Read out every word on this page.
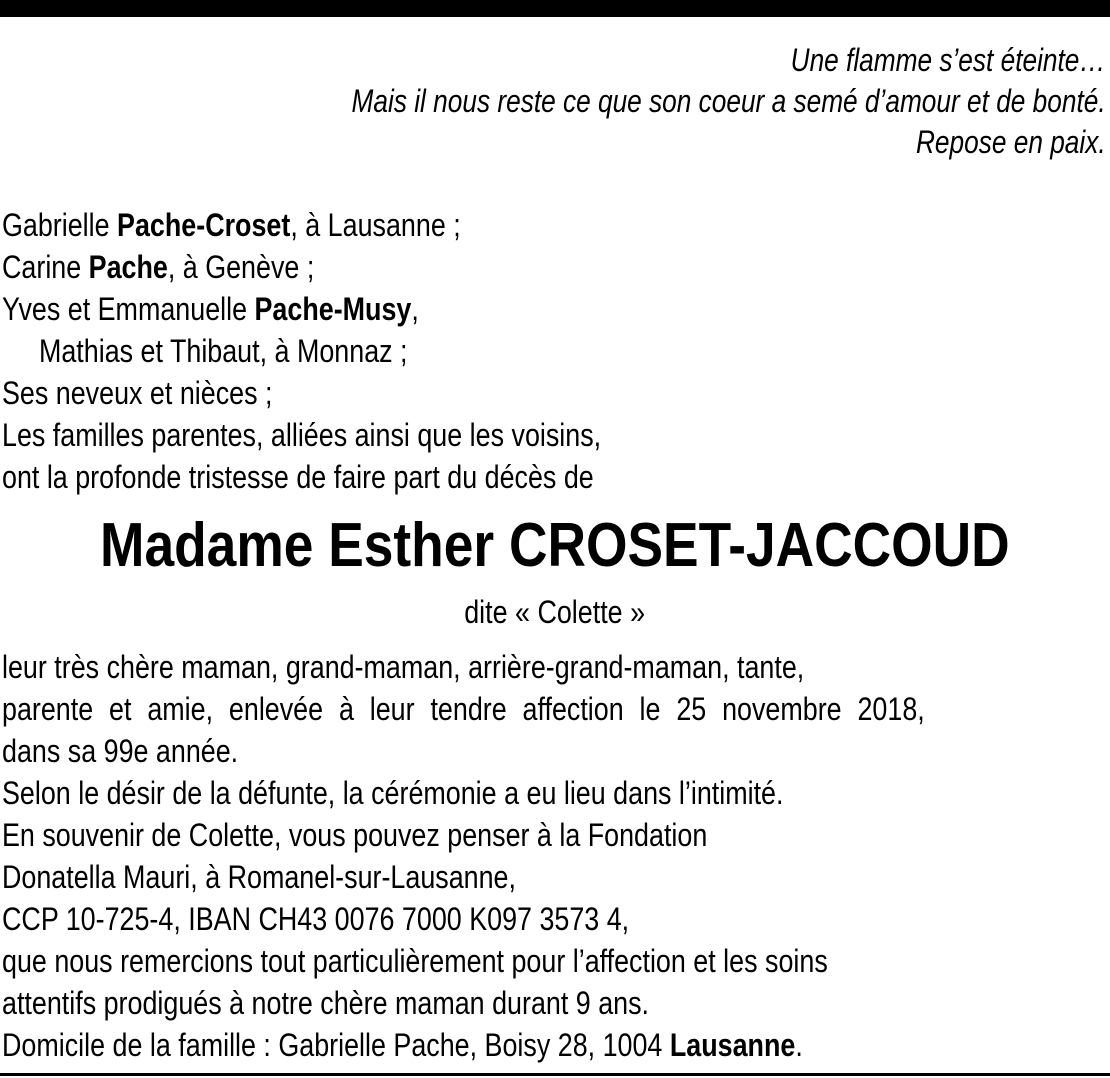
Une flamme s’est éteinte…
Mais il nous reste ce que son coeur a semé d’amour et de bonté.
Repose en paix.
Gabrielle Pache-Croset, à Lausanne ;
Carine Pache, à Genève ;
Yves et Emmanuelle Pache-Musy,
Mathias et Thibaut, à Monnaz ;
Ses neveux et nièces ;
Les familles parentes, alliées ainsi que les voisins,
ont la profonde tristesse de faire part du décès de
Madame Esther CROSET-JACCOUD
dite « Colette »
leur très chère maman, grand-maman, arrière-grand-maman, tante,
parente et amie, enlevée à leur tendre affection le 25 novembre 2018,
dans sa 99e année.
Selon le désir de la défunte, la cérémonie a eu lieu dans l’intimité.
En souvenir de Colette, vous pouvez penser à la Fondation
Donatella Mauri, à Romanel-sur-Lausanne,
CCP 10-725-4, IBAN CH43 0076 7000 K097 3573 4,
que nous remercions tout particulièrement pour l’affection et les soins
attentifs prodigués à notre chère maman durant 9 ans.
Domicile de la famille : Gabrielle Pache, Boisy 28, 1004 Lausanne.
